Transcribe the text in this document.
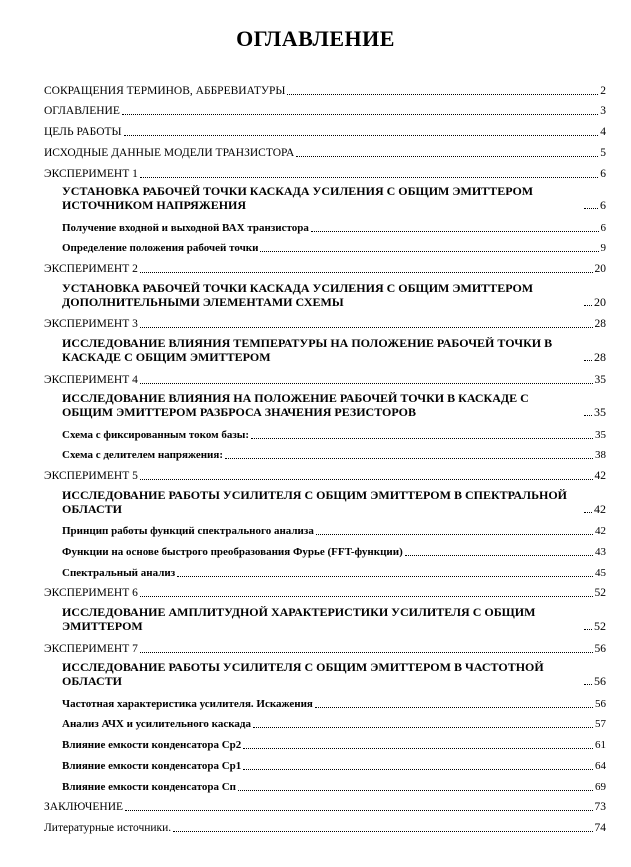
ОГЛАВЛЕНИЕ
СОКРАЩЕНИЯ ТЕРМИНОВ, АББРЕВИАТУРЫ	2
ОГЛАВЛЕНИЕ	3
ЦЕЛЬ РАБОТЫ	4
ИСХОДНЫЕ ДАННЫЕ МОДЕЛИ ТРАНЗИСТОРА	5
ЭКСПЕРИМЕНТ 1	6
УСТАНОВКА РАБОЧЕЙ ТОЧКИ КАСКАДА УСИЛЕНИЯ С ОБЩИМ ЭМИТТЕРОМ ИСТОЧНИКОМ НАПРЯЖЕНИЯ	6
Получение входной и выходной ВАХ транзистора	6
Определение положения рабочей точки	9
ЭКСПЕРИМЕНТ 2	20
УСТАНОВКА РАБОЧЕЙ ТОЧКИ КАСКАДА УСИЛЕНИЯ С ОБЩИМ ЭМИТТЕРОМ ДОПОЛНИТЕЛЬНЫМИ ЭЛЕМЕНТАМИ СХЕМЫ	20
ЭКСПЕРИМЕНТ 3	28
ИССЛЕДОВАНИЕ ВЛИЯНИЯ ТЕМПЕРАТУРЫ НА ПОЛОЖЕНИЕ РАБОЧЕЙ ТОЧКИ В КАСКАДЕ С ОБЩИМ ЭМИТТЕРОМ	28
ЭКСПЕРИМЕНТ 4	35
ИССЛЕДОВАНИЕ ВЛИЯНИЯ НА ПОЛОЖЕНИЕ РАБОЧЕЙ ТОЧКИ В КАСКАДЕ С ОБЩИМ ЭМИТТЕРОМ РАЗБРОСА ЗНАЧЕНИЯ РЕЗИСТОРОВ	35
Схема с фиксированным током базы:	35
Схема с делителем напряжения:	38
ЭКСПЕРИМЕНТ 5	42
ИССЛЕДОВАНИЕ РАБОТЫ УСИЛИТЕЛЯ С ОБЩИМ ЭМИТТЕРОМ В СПЕКТРАЛЬНОЙ ОБЛАСТИ	42
Принцип работы функций спектрального анализа	42
Функции на основе быстрого преобразования Фурье (FFT-функции)	43
Спектральный анализ	45
ЭКСПЕРИМЕНТ 6	52
ИССЛЕДОВАНИЕ АМПЛИТУДНОЙ ХАРАКТЕРИСТИКИ УСИЛИТЕЛЯ С ОБЩИМ ЭМИТТЕРОМ	52
ЭКСПЕРИМЕНТ 7	56
ИССЛЕДОВАНИЕ РАБОТЫ УСИЛИТЕЛЯ С ОБЩИМ ЭМИТТЕРОМ В ЧАСТОТНОЙ ОБЛАСТИ	56
Частотная характеристика усилителя. Искажения	56
Анализ АЧХ и усилительного каскада	57
Влияние емкости конденсатора Ср2	61
Влияние емкости конденсатора Ср1	64
Влияние емкости конденсатора Сп	69
ЗАКЛЮЧЕНИЕ	73
Литературные источники.	74
